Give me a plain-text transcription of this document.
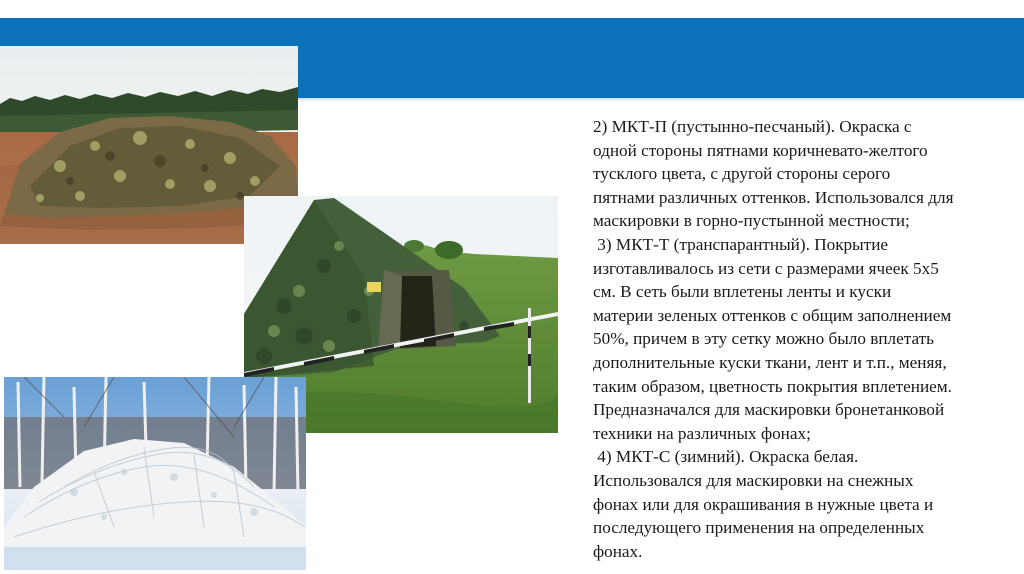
2) МКТ-П (пустынно-песчаный). Окраска с
одной стороны пятнами коричневато-желтого
тусклого цвета, с другой стороны серого
пятнами различных оттенков. Использовался для
маскировки в горно-пустынной местности;
3) МКТ-Т (транспарантный). Покрытие
изготавливалось из сети с размерами ячеек 5x5
см. В сеть были вплетены ленты и куски
материи зеленых оттенков с общим заполнением
50%, причем в эту сетку можно было вплетать
дополнительные куски ткани, лент и т.п., меняя,
таким образом, цветность покрытия вплетением.
Предназначался для маскировки бронетанковой
техники на различных фонах;
4) МКТ-С (зимний). Окраска белая.
Использовался для маскировки на снежных
фонах или для окрашивания в нужные цвета и
последующего применения на определенных
фонах.
